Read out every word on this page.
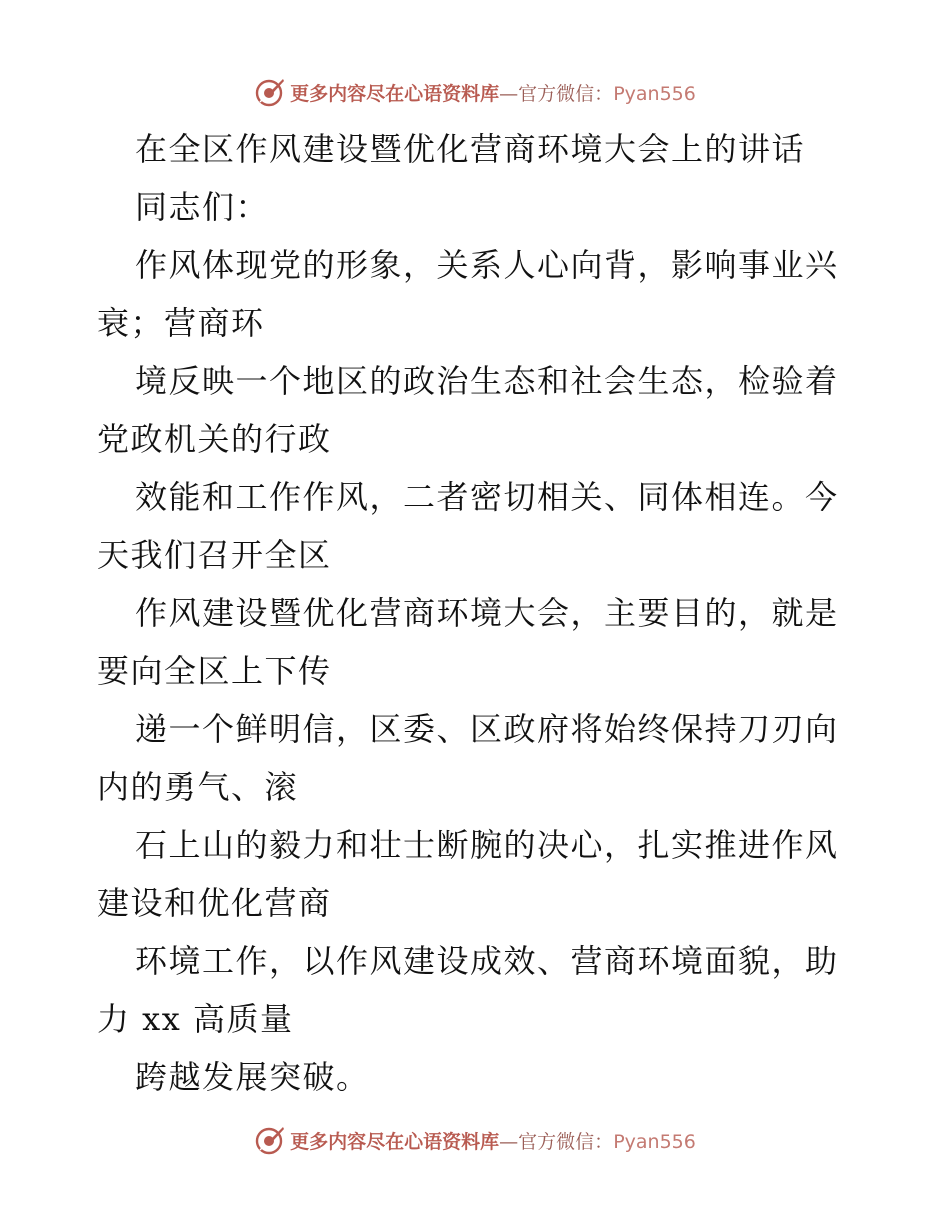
更多内容尽在心语资料库—官方微信：Pyan556
在全区作风建设暨优化营商环境大会上的讲话
同志们：
作风体现党的形象，关系人心向背，影响事业兴
衰；营商环
境反映一个地区的政治生态和社会生态，检验着
党政机关的行政
效能和工作作风，二者密切相关、同体相连。今
天我们召开全区
作风建设暨优化营商环境大会，主要目的，就是
要向全区上下传
递一个鲜明信，区委、区政府将始终保持刀刃向
内的勇气、滚
石上山的毅力和壮士断腕的决心，扎实推进作风
建设和优化营商
环境工作，以作风建设成效、营商环境面貌，助
力 xx 高质量
跨越发展突破。
更多内容尽在心语资料库—官方微信：Pyan556
